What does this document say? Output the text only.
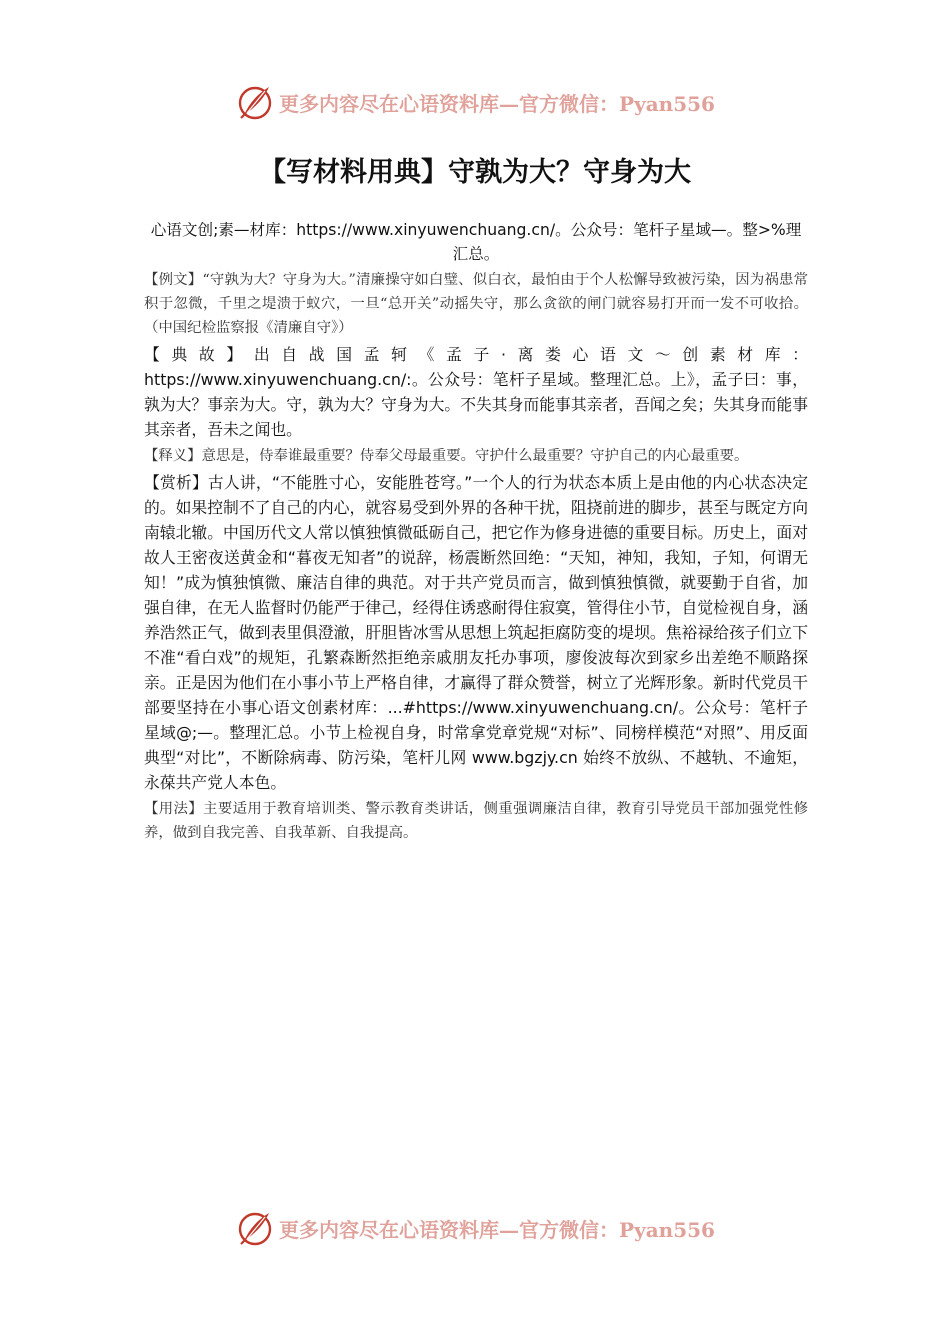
更多内容尽在心语资料库—官方微信：Pyan556
【写材料用典】守孰为大？守身为大
心语文创;素—材库：https://www.xinyuwenchuang.cn/。公众号：笔杆子星域—。整>%理汇总。
【例文】“守孰为大？守身为大。”清廉操守如白璧、似白衣，最怕由于个人松懈导致被污染，因为祸患常积于忽微，千里之堤溃于蚁穴，一旦“总开关”动摇失守，那么贪欲的闸门就容易打开而一发不可收拾。（中国纪检监察报《清廉自守》）
【典故】出自战国孟轲《孟子·离娄心语文～创素材库：https://www.xinyuwenchuang.cn/:。公众号：笔杆子星域。整理汇总。上》，孟子曰：事，孰为大？事亲为大。守，孰为大？守身为大。不失其身而能事其亲者，吾闻之矣；失其身而能事其亲者，吾未之闻也。
【释义】意思是，侍奉谁最重要？侍奉父母最重要。守护什么最重要？守护自己的内心最重要。
【赏析】古人讲，“不能胜寸心，安能胜苍穹。”一个人的行为状态本质上是由他的内心状态决定的。如果控制不了自己的内心，就容易受到外界的各种干扰，阻挠前进的脚步，甚至与既定方向南辕北辙。中国历代文人常以慎独慎微砥砺自己，把它作为修身进德的重要目标。历史上，面对故人王密夜送黄金和“暮夜无知者”的说辞，杨震断然回绝：“天知，神知，我知，子知，何谓无知！”成为慎独慎微、廉洁自律的典范。对于共产党员而言，做到慎独慎微，就要勤于自省，加强自律，在无人监督时仍能严于律己，经得住诱惑耐得住寂寞，管得住小节，自觉检视自身，涵养浩然正气，做到表里俱澄澈，肝胆皆冰雪从思想上筑起拒腐防变的堤坝。焦裕禄给孩子们立下不准“看白戏”的规矩，孔繁森断然拒绝亲戚朋友托办事项，廖俊波每次到家乡出差绝不顺路探亲。正是因为他们在小事小节上严格自律，才赢得了群众赞誉，树立了光辉形象。新时代党员干部要坚持在小事心语文创素材库：...#https://www.xinyuwenchuang.cn/。公众号：笔杆子星域@;—。整理汇总。小节上检视自身，时常拿党章党规“对标”、同榜样模范“对照”、用反面典型“对比”，不断除病毒、防污染，笔杆儿网 www.bgzjy.cn 始终不放纵、不越轨、不逾矩，永葆共产党人本色。
【用法】主要适用于教育培训类、警示教育类讲话，侧重强调廉洁自律，教育引导党员干部加强党性修养，做到自我完善、自我革新、自我提高。
更多内容尽在心语资料库—官方微信：Pyan556
